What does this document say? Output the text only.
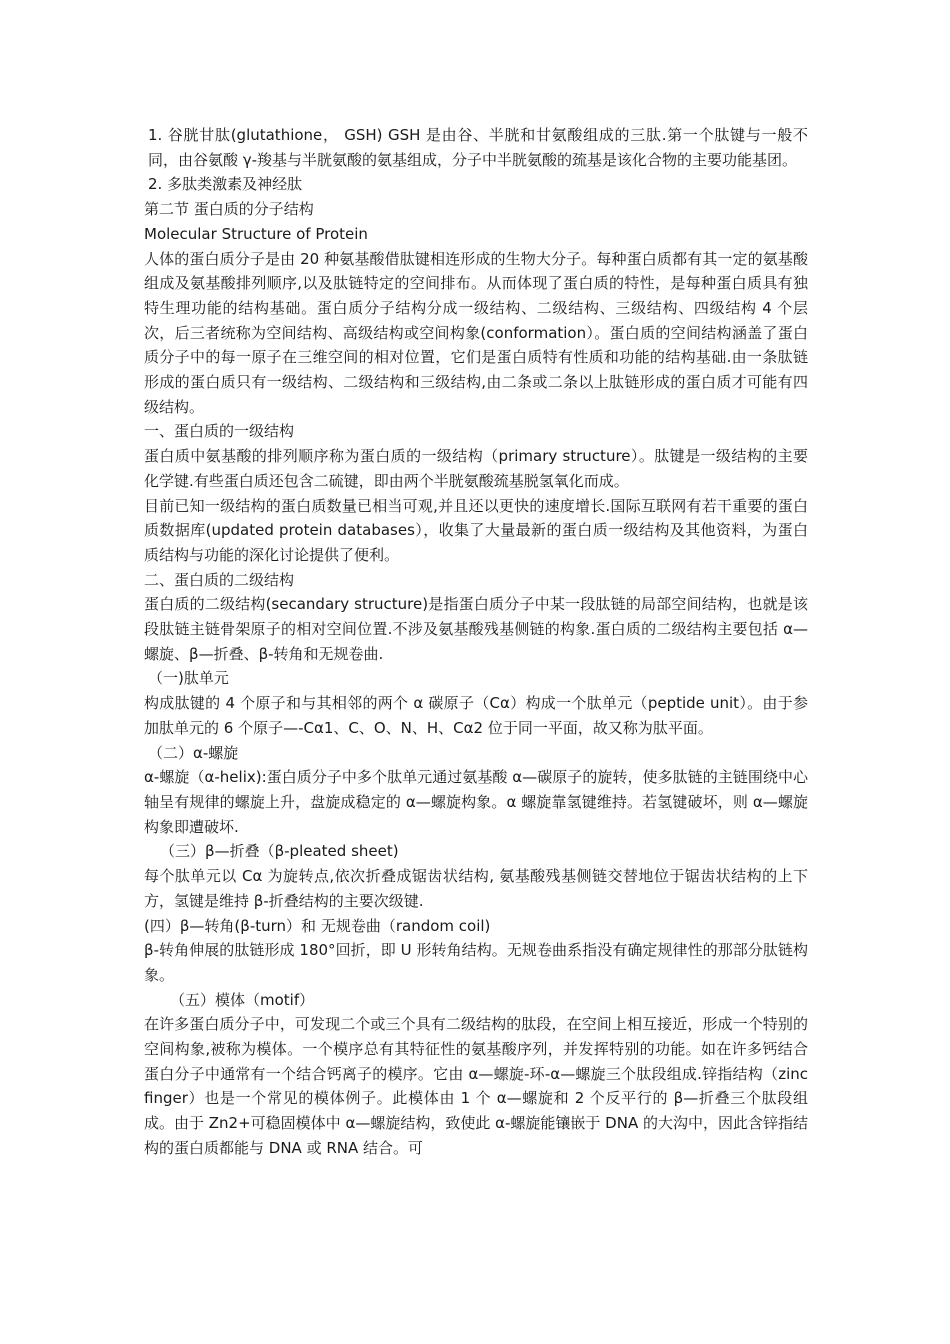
1. 谷胱甘肽(glutathione， GSH) GSH 是由谷、半胱和甘氨酸组成的三肽.第一个肽键与一般不同，由谷氨酸 γ-羧基与半胱氨酸的氨基组成，分子中半胱氨酸的巯基是该化合物的主要功能基团。

2. 多肽类激素及神经肽

第二节 蛋白质的分子结构

Molecular Structure of Protein

人体的蛋白质分子是由 20 种氨基酸借肽键相连形成的生物大分子。每种蛋白质都有其一定的氨基酸组成及氨基酸排列顺序,以及肽链特定的空间排布。从而体现了蛋白质的特性，是每种蛋白质具有独特生理功能的结构基础。蛋白质分子结构分成一级结构、二级结构、三级结构、四级结构 4 个层次，后三者统称为空间结构、高级结构或空间构象(conformation）。蛋白质的空间结构涵盖了蛋白质分子中的每一原子在三维空间的相对位置，它们是蛋白质特有性质和功能的结构基础.由一条肽链形成的蛋白质只有一级结构、二级结构和三级结构,由二条或二条以上肽链形成的蛋白质才可能有四级结构。

一、蛋白质的一级结构

蛋白质中氨基酸的排列顺序称为蛋白质的一级结构（primary structure）。肽键是一级结构的主要化学键.有些蛋白质还包含二硫键，即由两个半胱氨酸巯基脱氢氧化而成。

目前已知一级结构的蛋白质数量已相当可观,并且还以更快的速度增长.国际互联网有若干重要的蛋白质数据库(updated protein databases），收集了大量最新的蛋白质一级结构及其他资料，为蛋白质结构与功能的深化讨论提供了便利。

二、蛋白质的二级结构

蛋白质的二级结构(secandary structure)是指蛋白质分子中某一段肽链的局部空间结构，也就是该段肽链主链骨架原子的相对空间位置.不涉及氨基酸残基侧链的构象.蛋白质的二级结构主要包括 α—螺旋、β—折叠、β-转角和无规卷曲.

（一)肽单元

构成肽键的 4 个原子和与其相邻的两个 α 碳原子（Cα）构成一个肽单元（peptide unit）。由于参加肽单元的 6 个原子—-Cα1、C、O、N、H、Cα2 位于同一平面，故又称为肽平面。

（二）α-螺旋

α-螺旋（α-helix):蛋白质分子中多个肽单元通过氨基酸 α—碳原子的旋转，使多肽链的主链围绕中心轴呈有规律的螺旋上升，盘旋成稳定的 α—螺旋构象。α 螺旋靠氢键维持。若氢键破坏，则 α—螺旋构象即遭破坏.

（三）β—折叠（β-pleated sheet)

每个肽单元以 Cα 为旋转点,依次折叠成锯齿状结构, 氨基酸残基侧链交替地位于锯齿状结构的上下方，氢键是维持 β-折叠结构的主要次级键.

(四）β—转角(β-turn）和 无规卷曲（random coil)

β-转角伸展的肽链形成 180°回折，即 U 形转角结构。无规卷曲系指没有确定规律性的那部分肽链构象。

（五）模体（motif）

在许多蛋白质分子中，可发现二个或三个具有二级结构的肽段，在空间上相互接近，形成一个特别的空间构象,被称为模体。一个模序总有其特征性的氨基酸序列，并发挥特别的功能。如在许多钙结合蛋白分子中通常有一个结合钙离子的模序。它由 α—螺旋-环-α—螺旋三个肽段组成.锌指结构（zinc finger）也是一个常见的模体例子。此模体由 1 个 α—螺旋和 2 个反平行的 β—折叠三个肽段组成。由于 Zn2+可稳固模体中 α—螺旋结构，致使此 α-螺旋能镶嵌于 DNA 的大沟中，因此含锌指结构的蛋白质都能与 DNA 或 RNA 结合。可
